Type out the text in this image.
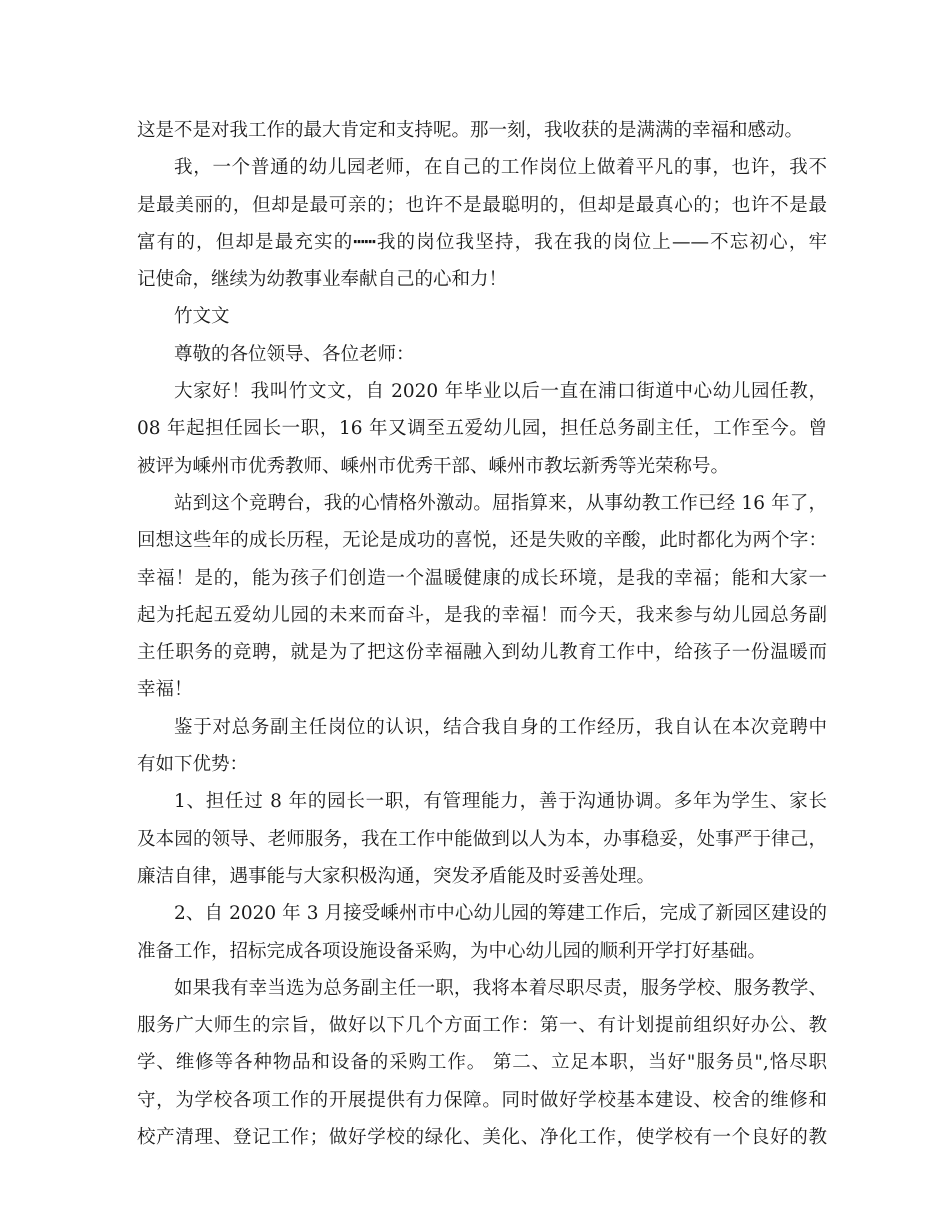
这是不是对我工作的最大肯定和支持呢。那一刻，我收获的是满满的幸福和感动。
我，一个普通的幼儿园老师，在自己的工作岗位上做着平凡的事，也许，我不
是最美丽的，但却是最可亲的；也许不是最聪明的，但却是最真心的；也许不是最
富有的，但却是最充实的┅┅我的岗位我坚持，我在我的岗位上——不忘初心，牢
记使命，继续为幼教事业奉献自己的心和力！
竹文文
尊敬的各位领导、各位老师：
大家好！我叫竹文文，自 2020 年毕业以后一直在浦口街道中心幼儿园任教，
08 年起担任园长一职，16 年又调至五爱幼儿园，担任总务副主任，工作至今。曾
被评为嵊州市优秀教师、嵊州市优秀干部、嵊州市教坛新秀等光荣称号。
站到这个竞聘台，我的心情格外激动。屈指算来，从事幼教工作已经 16 年了，
回想这些年的成长历程，无论是成功的喜悦，还是失败的辛酸，此时都化为两个字：
幸福！是的，能为孩子们创造一个温暖健康的成长环境，是我的幸福；能和大家一
起为托起五爱幼儿园的未来而奋斗，是我的幸福！而今天，我来参与幼儿园总务副
主任职务的竞聘，就是为了把这份幸福融入到幼儿教育工作中，给孩子一份温暖而
幸福！
鉴于对总务副主任岗位的认识，结合我自身的工作经历，我自认在本次竞聘中
有如下优势：
1、担任过 8 年的园长一职，有管理能力，善于沟通协调。多年为学生、家长
及本园的领导、老师服务，我在工作中能做到以人为本，办事稳妥，处事严于律己，
廉洁自律，遇事能与大家积极沟通，突发矛盾能及时妥善处理。
2、自 2020 年 3 月接受嵊州市中心幼儿园的筹建工作后，完成了新园区建设的
准备工作，招标完成各项设施设备采购，为中心幼儿园的顺利开学打好基础。
如果我有幸当选为总务副主任一职，我将本着尽职尽责，服务学校、服务教学、
服务广大师生的宗旨，做好以下几个方面工作：第一、有计划提前组织好办公、教
学、维修等各种物品和设备的采购工作。 第二、立足本职，当好"服务员",恪尽职
守，为学校各项工作的开展提供有力保障。同时做好学校基本建设、校舍的维修和
校产清理、登记工作；做好学校的绿化、美化、净化工作，使学校有一个良好的教
